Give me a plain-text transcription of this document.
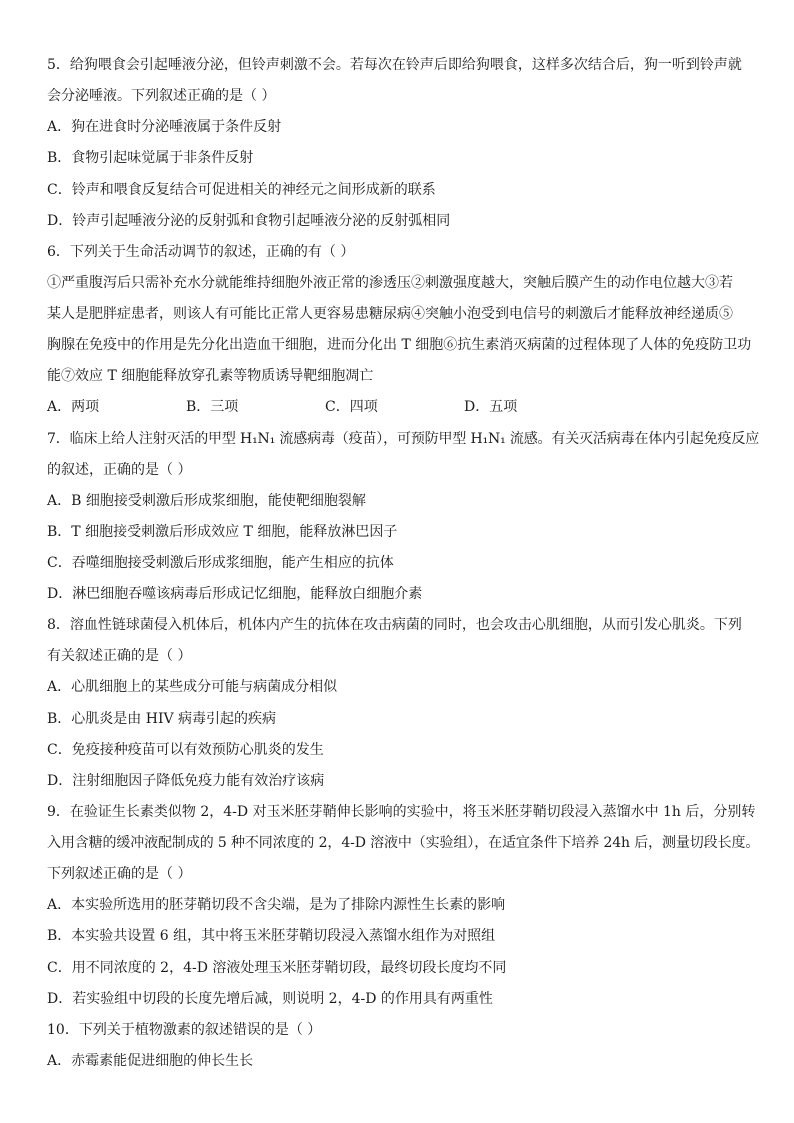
5．给狗喂食会引起唾液分泌，但铃声刺激不会。若每次在铃声后即给狗喂食，这样多次结合后，狗一听到铃声就
会分泌唾液。下列叙述正确的是（ ）
A．狗在进食时分泌唾液属于条件反射
B．食物引起味觉属于非条件反射
C．铃声和喂食反复结合可促进相关的神经元之间形成新的联系
D．铃声引起唾液分泌的反射弧和食物引起唾液分泌的反射弧相同
6．下列关于生命活动调节的叙述，正确的有（ ）
①严重腹泻后只需补充水分就能维持细胞外液正常的渗透压②刺激强度越大，突触后膜产生的动作电位越大③若
某人是肥胖症患者，则该人有可能比正常人更容易患糖尿病④突触小泡受到电信号的刺激后才能释放神经递质⑤
胸腺在免疫中的作用是先分化出造血干细胞，进而分化出 T 细胞⑥抗生素消灭病菌的过程体现了人体的免疫防卫功
能⑦效应 T 细胞能释放穿孔素等物质诱导靶细胞凋亡
A．两项	B．三项	C．四项	D．五项
7．临床上给人注射灭活的甲型 H₁N₁ 流感病毒（疫苗），可预防甲型 H₁N₁ 流感。有关灭活病毒在体内引起免疫反应
的叙述，正确的是（ ）
A．B 细胞接受刺激后形成浆细胞，能使靶细胞裂解
B．T 细胞接受刺激后形成效应 T 细胞，能释放淋巴因子
C．吞噬细胞接受刺激后形成浆细胞，能产生相应的抗体
D．淋巴细胞吞噬该病毒后形成记忆细胞，能释放白细胞介素
8．溶血性链球菌侵入机体后，机体内产生的抗体在攻击病菌的同时，也会攻击心肌细胞，从而引发心肌炎。下列
有关叙述正确的是（ ）
A．心肌细胞上的某些成分可能与病菌成分相似
B．心肌炎是由 HIV 病毒引起的疾病
C．免疫接种疫苗可以有效预防心肌炎的发生
D．注射细胞因子降低免疫力能有效治疗该病
9．在验证生长素类似物 2，4-D 对玉米胚芽鞘伸长影响的实验中，将玉米胚芽鞘切段浸入蒸馏水中 1h 后，分别转
入用含糖的缓冲液配制成的 5 种不同浓度的 2，4-D 溶液中（实验组），在适宜条件下培养 24h 后，测量切段长度。
下列叙述正确的是（ ）
A．本实验所选用的胚芽鞘切段不含尖端，是为了排除内源性生长素的影响
B．本实验共设置 6 组，其中将玉米胚芽鞘切段浸入蒸馏水组作为对照组
C．用不同浓度的 2，4-D 溶液处理玉米胚芽鞘切段，最终切段长度均不同
D．若实验组中切段的长度先增后减，则说明 2，4-D 的作用具有两重性
10．下列关于植物激素的叙述错误的是（ ）
A．赤霉素能促进细胞的伸长生长
